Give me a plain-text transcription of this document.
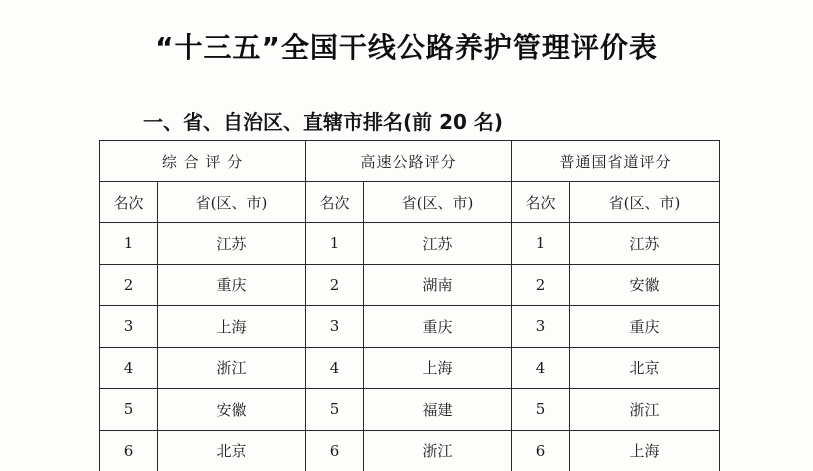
“十三五”全国干线公路养护管理评价表
一、省、自治区、直辖市排名(前 20 名)
综 合 评 分		高速公路评分		普通国省道评分	
名次	省(区、市)	名次	省(区、市)	名次	省(区、市)
1	江苏	1	江苏	1	江苏
2	重庆	2	湖南	2	安徽
3	上海	3	重庆	3	重庆
4	浙江	4	上海	4	北京
5	安徽	5	福建	5	浙江
6	北京	6	浙江	6	上海
